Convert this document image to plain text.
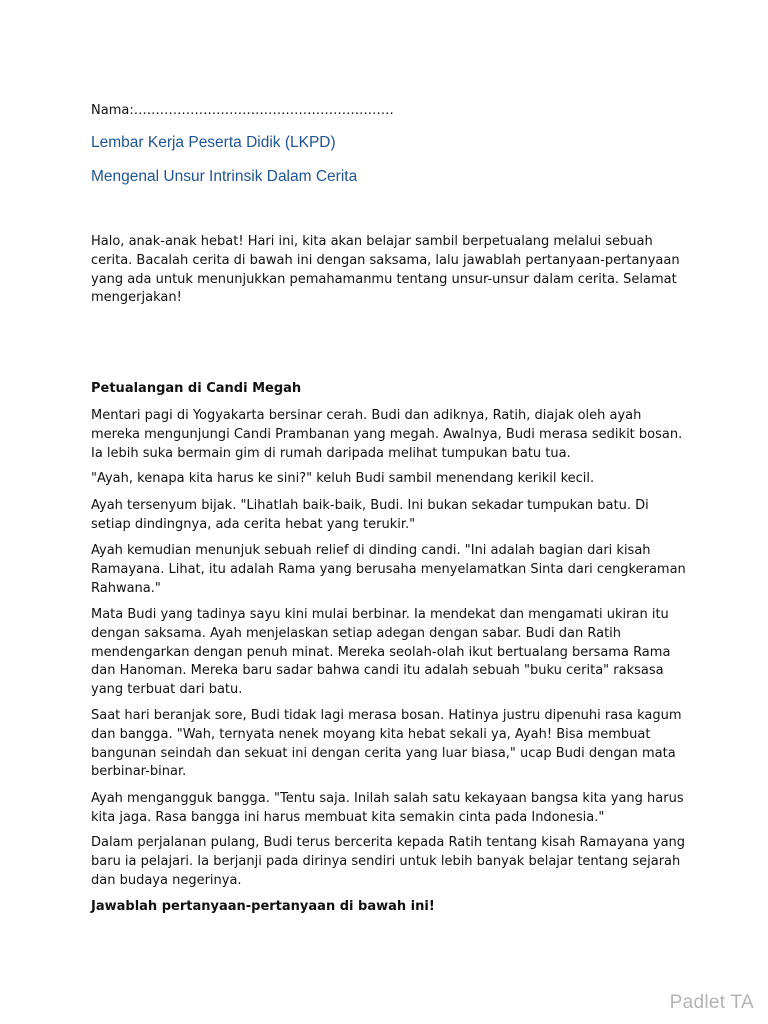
Nama:……………………………………………………
Lembar Kerja Peserta Didik (LKPD)
Mengenal Unsur Intrinsik Dalam Cerita

Halo, anak-anak hebat! Hari ini, kita akan belajar sambil berpetualang melalui sebuah cerita. Bacalah cerita di bawah ini dengan saksama, lalu jawablah pertanyaan-pertanyaan yang ada untuk menunjukkan pemahamanmu tentang unsur-unsur dalam cerita. Selamat mengerjakan!

Petualangan di Candi Megah

Mentari pagi di Yogyakarta bersinar cerah. Budi dan adiknya, Ratih, diajak oleh ayah mereka mengunjungi Candi Prambanan yang megah. Awalnya, Budi merasa sedikit bosan. Ia lebih suka bermain gim di rumah daripada melihat tumpukan batu tua.

"Ayah, kenapa kita harus ke sini?" keluh Budi sambil menendang kerikil kecil.

Ayah tersenyum bijak. "Lihatlah baik-baik, Budi. Ini bukan sekadar tumpukan batu. Di setiap dindingnya, ada cerita hebat yang terukir."

Ayah kemudian menunjuk sebuah relief di dinding candi. "Ini adalah bagian dari kisah Ramayana. Lihat, itu adalah Rama yang berusaha menyelamatkan Sinta dari cengkeraman Rahwana."

Mata Budi yang tadinya sayu kini mulai berbinar. Ia mendekat dan mengamati ukiran itu dengan saksama. Ayah menjelaskan setiap adegan dengan sabar. Budi dan Ratih mendengarkan dengan penuh minat. Mereka seolah-olah ikut bertualang bersama Rama dan Hanoman. Mereka baru sadar bahwa candi itu adalah sebuah "buku cerita" raksasa yang terbuat dari batu.

Saat hari beranjak sore, Budi tidak lagi merasa bosan. Hatinya justru dipenuhi rasa kagum dan bangga. "Wah, ternyata nenek moyang kita hebat sekali ya, Ayah! Bisa membuat bangunan seindah dan sekuat ini dengan cerita yang luar biasa," ucap Budi dengan mata berbinar-binar.

Ayah mengangguk bangga. "Tentu saja. Inilah salah satu kekayaan bangsa kita yang harus kita jaga. Rasa bangga ini harus membuat kita semakin cinta pada Indonesia."

Dalam perjalanan pulang, Budi terus bercerita kepada Ratih tentang kisah Ramayana yang baru ia pelajari. Ia berjanji pada dirinya sendiri untuk lebih banyak belajar tentang sejarah dan budaya negerinya.

Jawablah pertanyaan-pertanyaan di bawah ini!

Padlet TA
